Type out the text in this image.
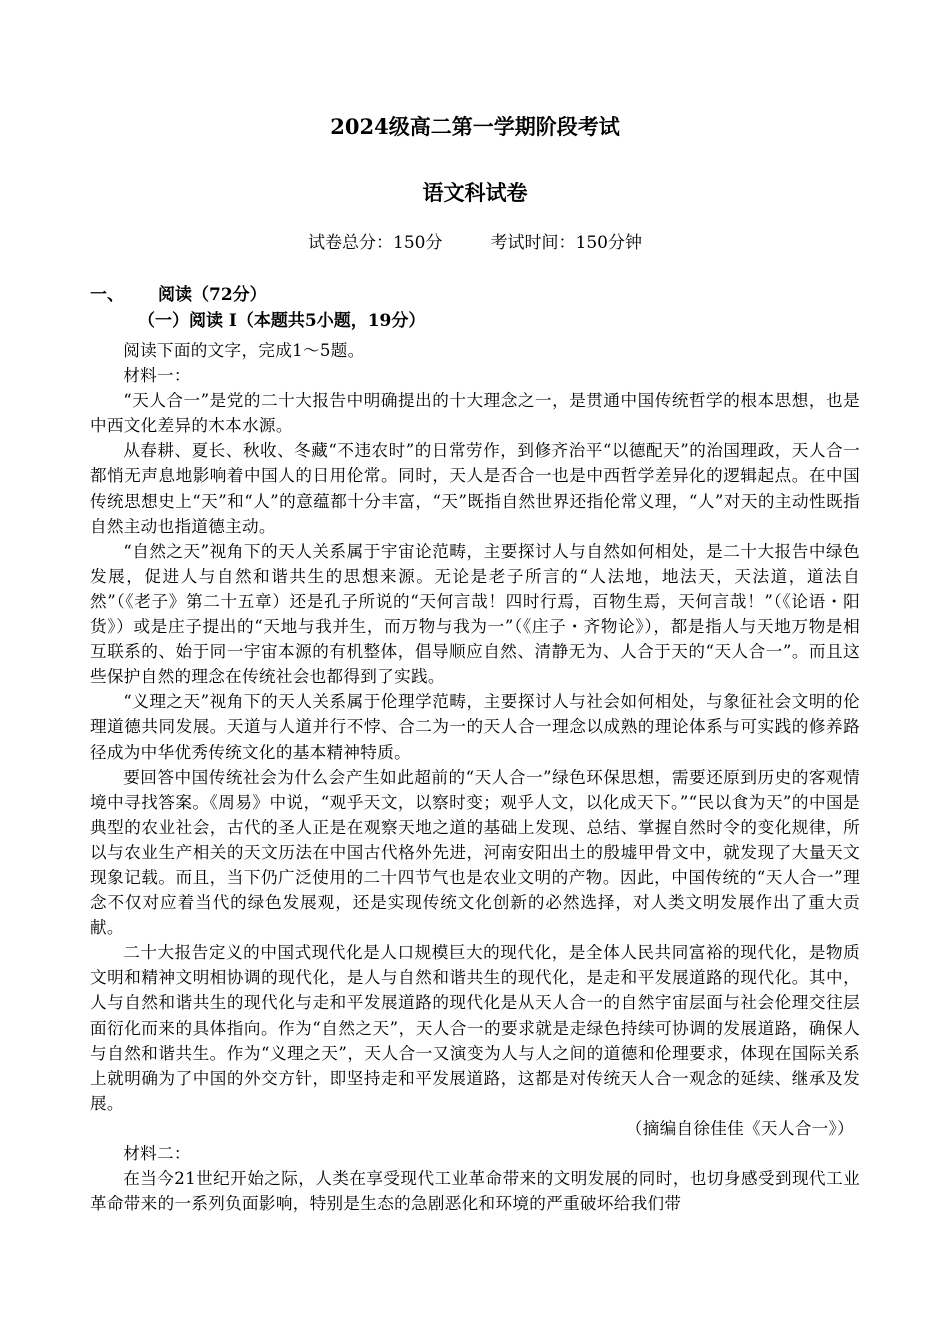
2024级高二第一学期阶段考试
语文科试卷
试卷总分：150分	考试时间：150分钟
一、 阅读（72分）
（一）阅读 I（本题共5小题，19分）

阅读下面的文字，完成1～5题。

材料一：

“天人合一”是党的二十大报告中明确提出的十大理念之一，是贯通中国传统哲学的根本思想，也是中西文化差异的木本水源。

从春耕、夏长、秋收、冬藏“不违农时”的日常劳作，到修齐治平“以德配天”的治国理政，天人合一都悄无声息地影响着中国人的日用伦常。同时，天人是否合一也是中西哲学差异化的逻辑起点。在中国传统思想史上“天”和“人”的意蕴都十分丰富，“天”既指自然世界还指伦常义理，“人”对天的主动性既指自然主动也指道德主动。

“自然之天”视角下的天人关系属于宇宙论范畴，主要探讨人与自然如何相处，是二十大报告中绿色发展，促进人与自然和谐共生的思想来源。无论是老子所言的“人法地，地法天，天法道，道法自然”（《老子》第二十五章）还是孔子所说的“天何言哉！四时行焉，百物生焉，天何言哉！”（《论语・阳货》）或是庄子提出的“天地与我并生，而万物与我为一”（《庄子・齐物论》），都是指人与天地万物是相互联系的、始于同一宇宙本源的有机整体，倡导顺应自然、清静无为、人合于天的“天人合一”。而且这些保护自然的理念在传统社会也都得到了实践。

“义理之天”视角下的天人关系属于伦理学范畴，主要探讨人与社会如何相处，与象征社会文明的伦理道德共同发展。天道与人道并行不悖、合二为一的天人合一理念以成熟的理论体系与可实践的修养路径成为中华优秀传统文化的基本精神特质。

要回答中国传统社会为什么会产生如此超前的“天人合一”绿色环保思想，需要还原到历史的客观情境中寻找答案。《周易》中说，“观乎天文，以察时变；观乎人文，以化成天下。”“民以食为天”的中国是典型的农业社会，古代的圣人正是在观察天地之道的基础上发现、总结、掌握自然时令的变化规律，所以与农业生产相关的天文历法在中国古代格外先进，河南安阳出土的殷墟甲骨文中，就发现了大量天文现象记载。而且，当下仍广泛使用的二十四节气也是农业文明的产物。因此，中国传统的“天人合一”理念不仅对应着当代的绿色发展观，还是实现传统文化创新的必然选择，对人类文明发展作出了重大贡献。

二十大报告定义的中国式现代化是人口规模巨大的现代化，是全体人民共同富裕的现代化，是物质文明和精神文明相协调的现代化，是人与自然和谐共生的现代化，是走和平发展道路的现代化。其中，人与自然和谐共生的现代化与走和平发展道路的现代化是从天人合一的自然宇宙层面与社会伦理交往层面衍化而来的具体指向。作为“自然之天”，天人合一的要求就是走绿色持续可协调的发展道路，确保人与自然和谐共生。作为“义理之天”，天人合一又演变为人与人之间的道德和伦理要求，体现在国际关系上就明确为了中国的外交方针，即坚持走和平发展道路，这都是对传统天人合一观念的延续、继承及发展。

（摘编自徐佳佳《天人合一》）

材料二：

在当今21世纪开始之际，人类在享受现代工业革命带来的文明发展的同时，也切身感受到现代工业革命带来的一系列负面影响，特别是生态的急剧恶化和环境的严重破坏给我们带
